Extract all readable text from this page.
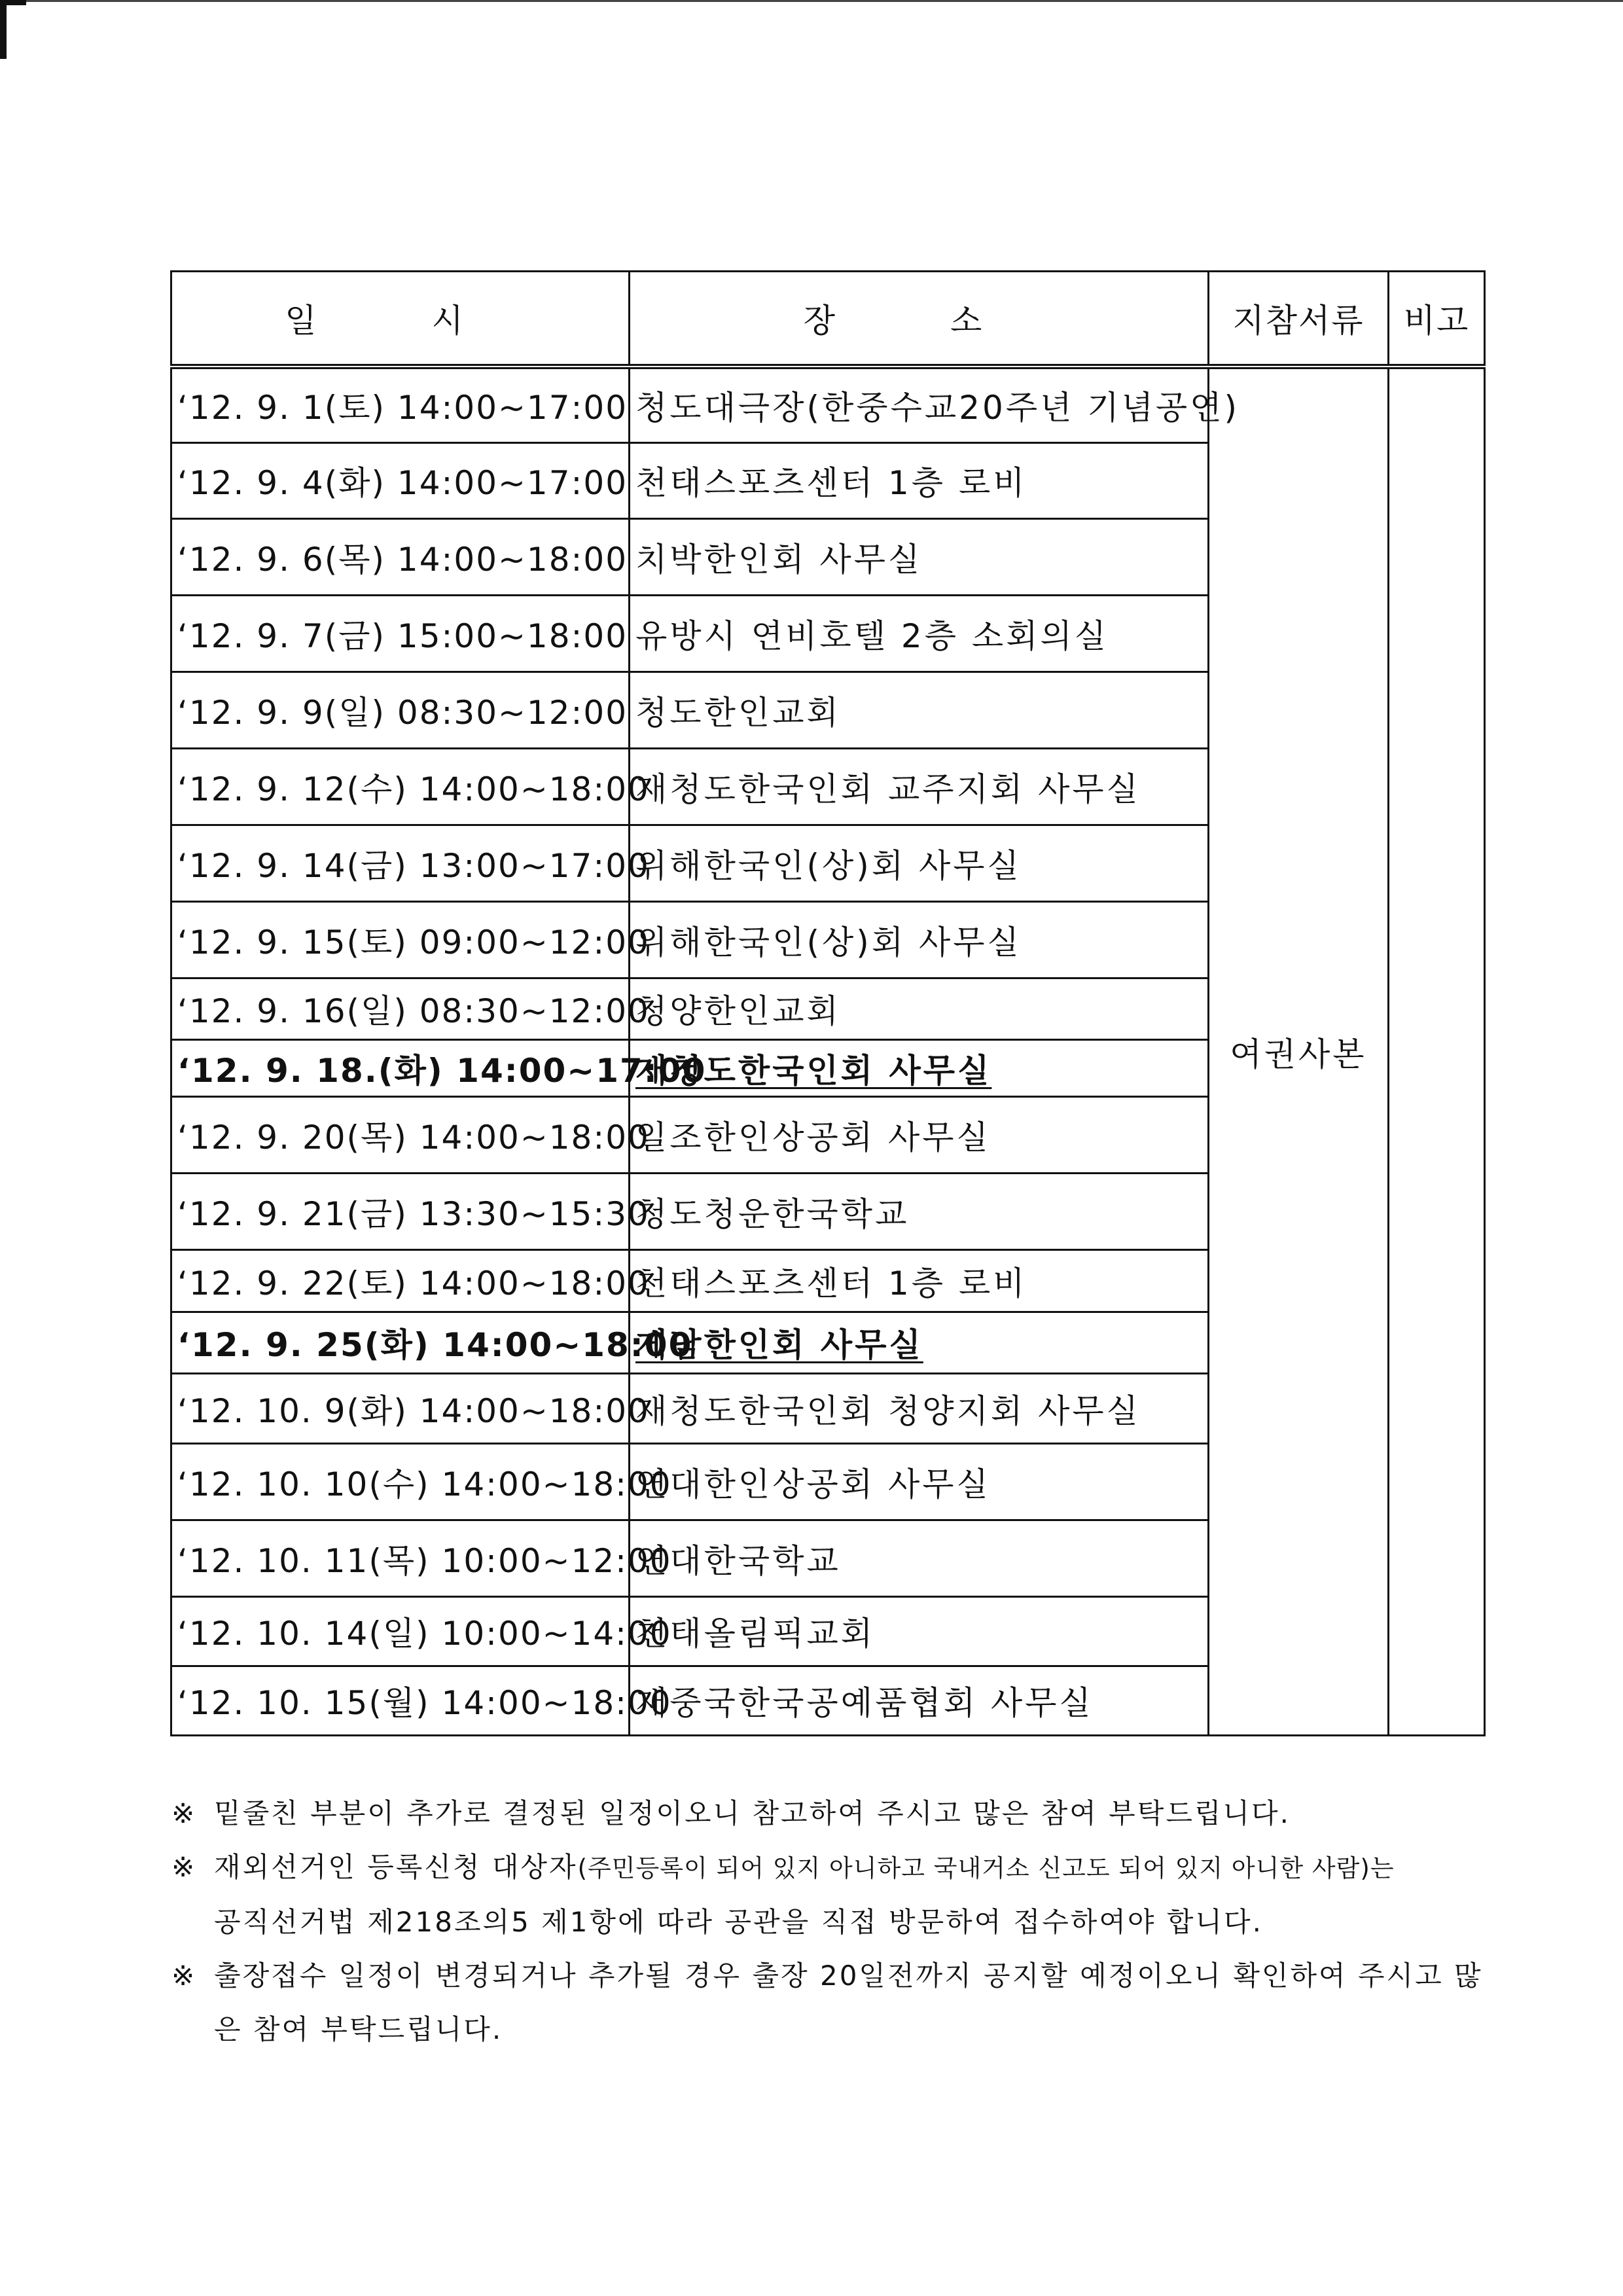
일 시	장 소	지참서류	비고
‘12. 9. 1(토) 14:00~17:00	청도대극장(한중수교20주년 기념공연)	여권사본	
‘12. 9. 4(화) 14:00~17:00	천태스포츠센터 1층 로비		
‘12. 9. 6(목) 14:00~18:00	치박한인회 사무실		
‘12. 9. 7(금) 15:00~18:00	유방시 연비호텔 2층 소회의실		
‘12. 9. 9(일) 08:30~12:00	청도한인교회		
‘12. 9. 12(수) 14:00~18:00	재청도한국인회 교주지회 사무실		
‘12. 9. 14(금) 13:00~17:00	위해한국인(상)회 사무실		
‘12. 9. 15(토) 09:00~12:00	위해한국인(상)회 사무실		
‘12. 9. 16(일) 08:30~12:00	청양한인교회		
‘12. 9. 18.(화) 14:00~17:00	재청도한국인회 사무실		
‘12. 9. 20(목) 14:00~18:00	일조한인상공회 사무실		
‘12. 9. 21(금) 13:30~15:30	청도청운한국학교		
‘12. 9. 22(토) 14:00~18:00	천태스포츠센터 1층 로비		
‘12. 9. 25(화) 14:00~18:00	제남한인회 사무실		
‘12. 10. 9(화) 14:00~18:00	재청도한국인회 청양지회 사무실		
‘12. 10. 10(수) 14:00~18:00	연대한인상공회 사무실		
‘12. 10. 11(목) 10:00~12:00	연대한국학교		
‘12. 10. 14(일) 10:00~14:00	천태올림픽교회		
‘12. 10. 15(월) 14:00~18:00	재중국한국공예품협회 사무실		
※ 밑줄친 부분이 추가로 결정된 일정이오니 참고하여 주시고 많은 참여 부탁드립니다.
※ 재외선거인 등록신청 대상자(주민등록이 되어 있지 아니하고 국내거소 신고도 되어 있지 아니한 사람)는
공직선거법 제218조의5 제1항에 따라 공관을 직접 방문하여 접수하여야 합니다.
※ 출장접수 일정이 변경되거나 추가될 경우 출장 20일전까지 공지할 예정이오니 확인하여 주시고 많은 참여 부탁드립니다.
